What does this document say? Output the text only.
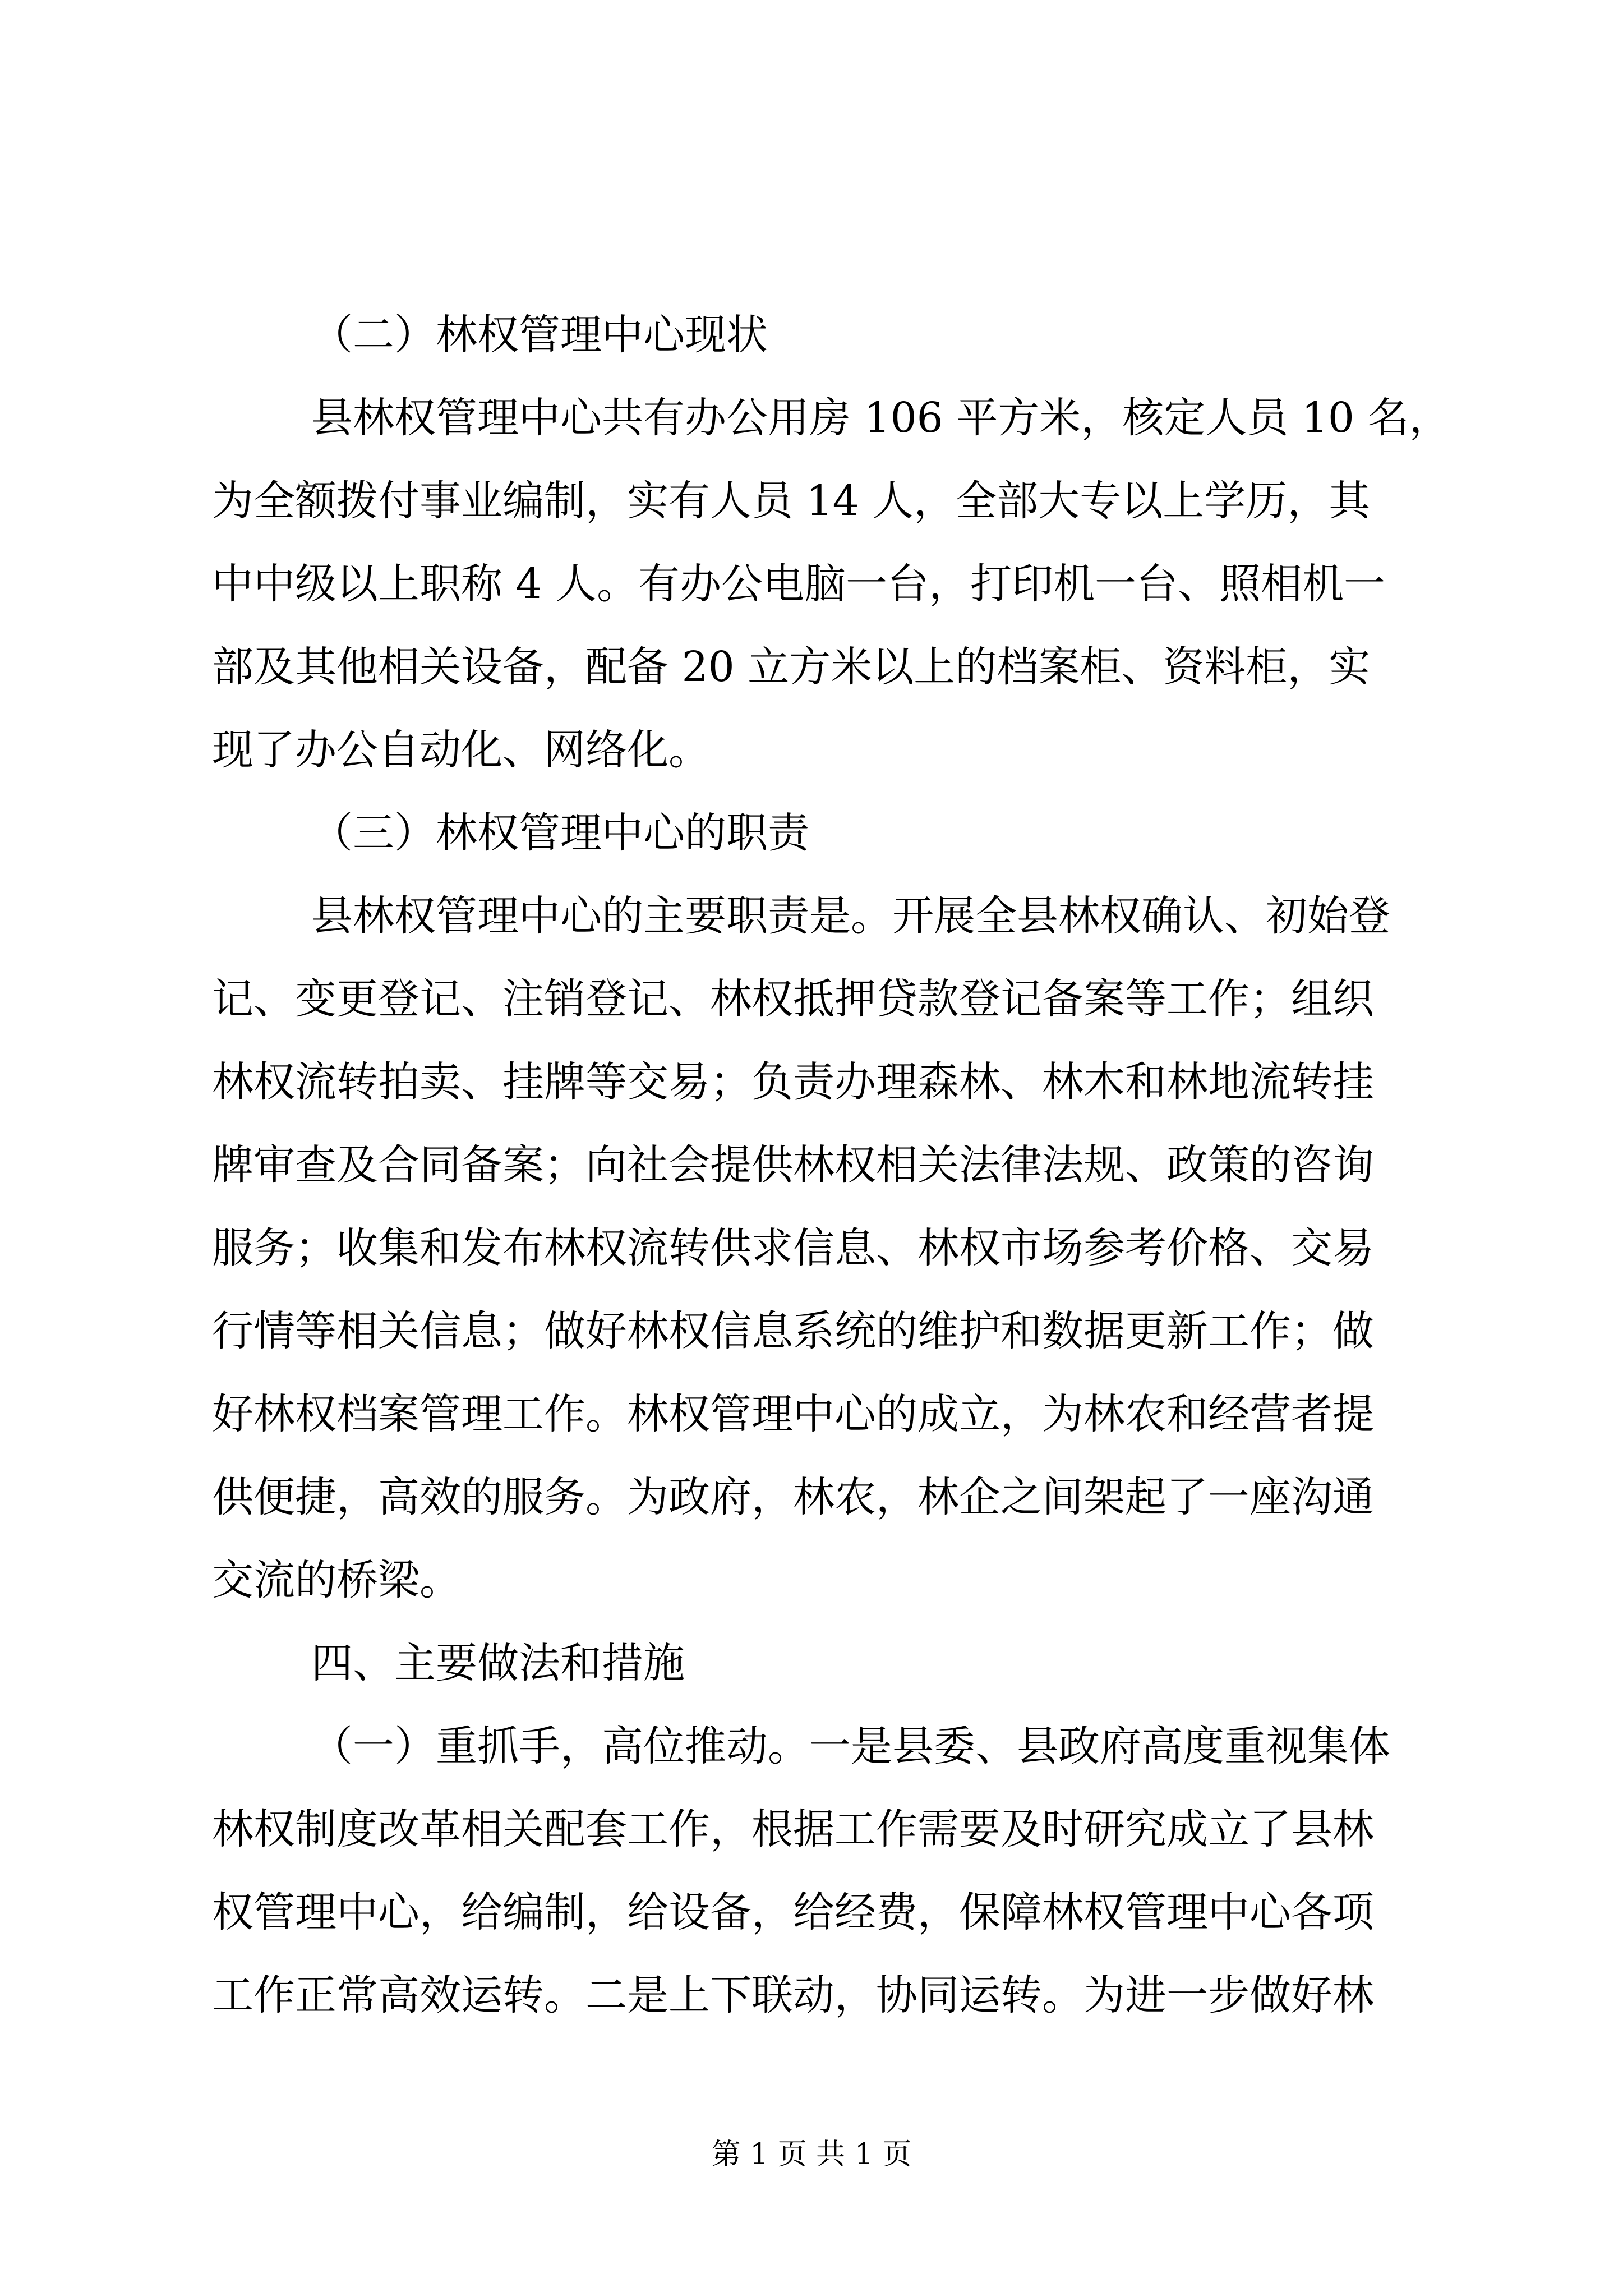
（二）林权管理中心现状
县林权管理中心共有办公用房 106 平方米，核定人员 10 名，
为全额拨付事业编制，实有人员 14 人，全部大专以上学历，其
中中级以上职称 4 人。有办公电脑一台，打印机一台、照相机一
部及其他相关设备，配备 20 立方米以上的档案柜、资料柜，实
现了办公自动化、网络化。
（三）林权管理中心的职责
县林权管理中心的主要职责是。开展全县林权确认、初始登
记、变更登记、注销登记、林权抵押贷款登记备案等工作；组织
林权流转拍卖、挂牌等交易；负责办理森林、林木和林地流转挂
牌审查及合同备案；向社会提供林权相关法律法规、政策的咨询
服务；收集和发布林权流转供求信息、林权市场参考价格、交易
行情等相关信息；做好林权信息系统的维护和数据更新工作；做
好林权档案管理工作。林权管理中心的成立，为林农和经营者提
供便捷，高效的服务。为政府，林农，林企之间架起了一座沟通
交流的桥梁。
四、主要做法和措施
（一）重抓手，高位推动。一是县委、县政府高度重视集体
林权制度改革相关配套工作，根据工作需要及时研究成立了县林
权管理中心，给编制，给设备，给经费，保障林权管理中心各项
工作正常高效运转。二是上下联动，协同运转。为进一步做好林
第 1 页 共 1 页
